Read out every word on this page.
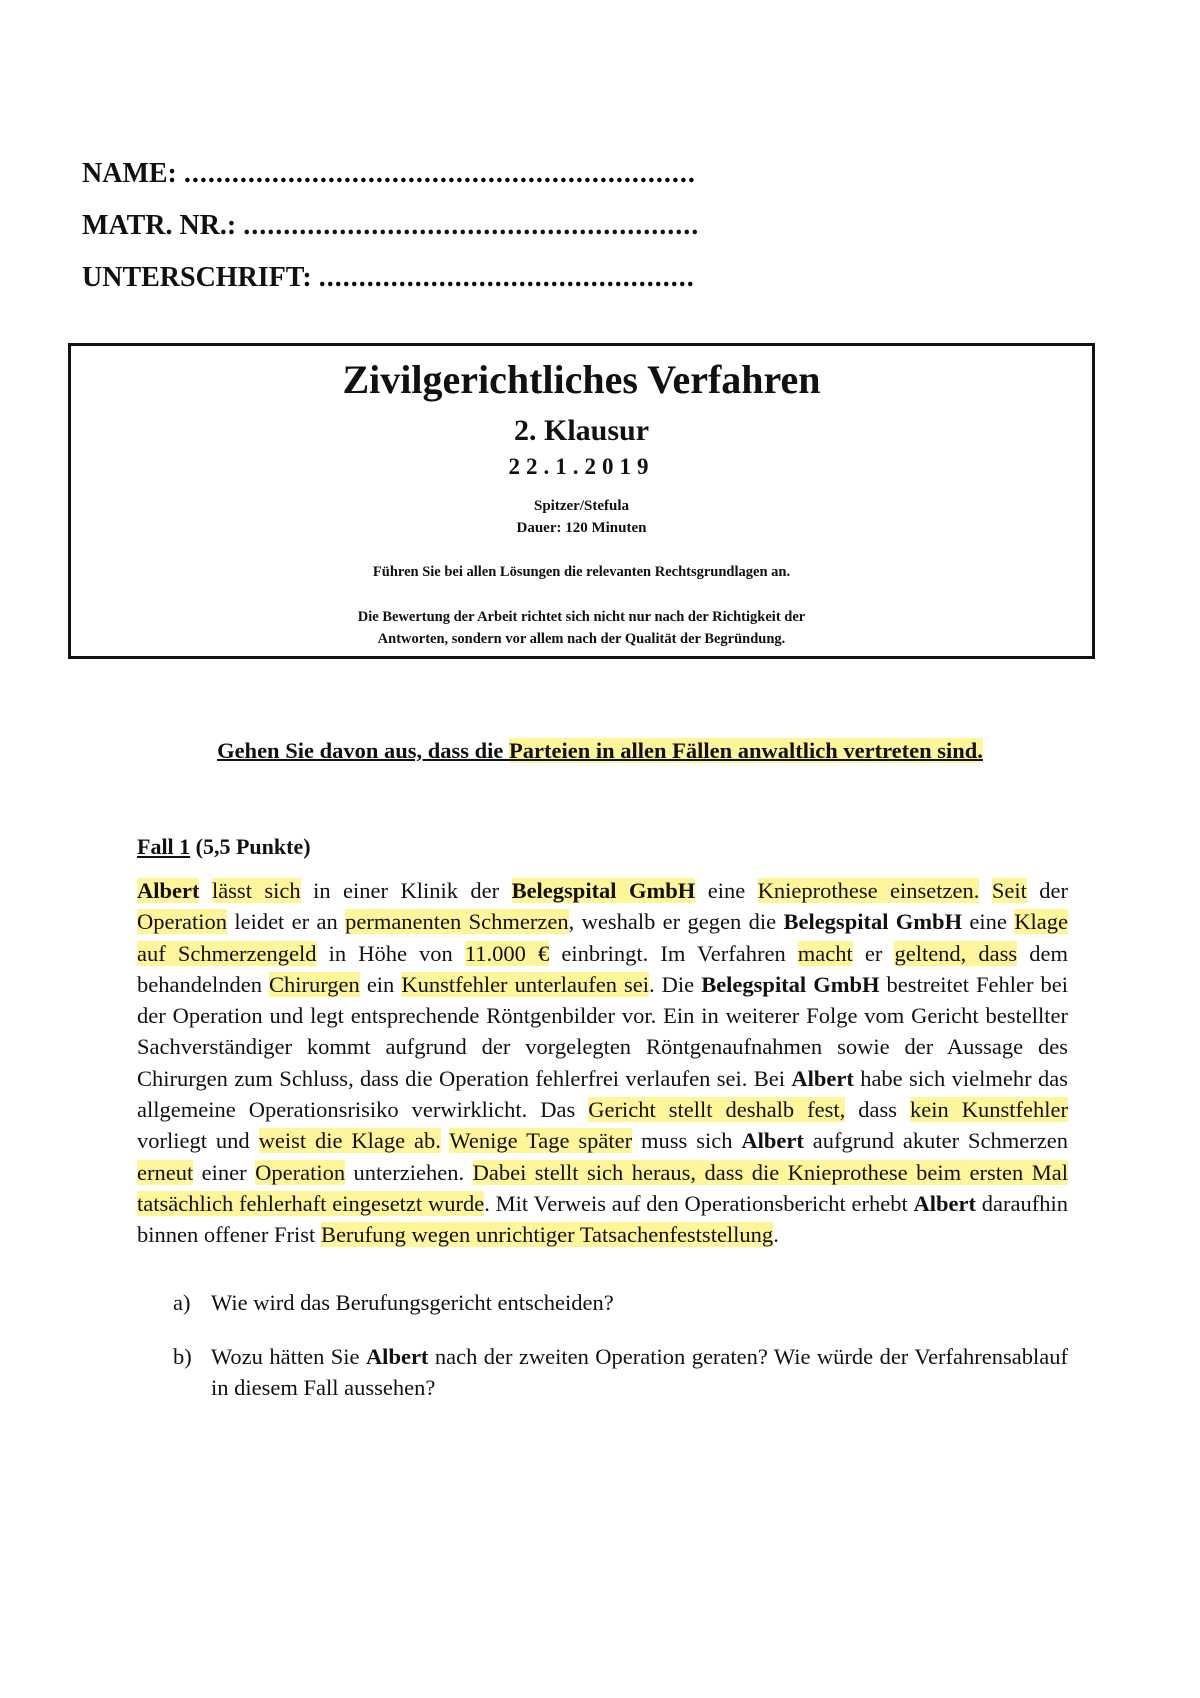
NAME: ................................................................
MATR. NR.: .........................................................
UNTERSCHRIFT: ...............................................
Zivilgerichtliches Verfahren
2. Klausur
22.1.2019
Spitzer/Stefula
Dauer: 120 Minuten
Führen Sie bei allen Lösungen die relevanten Rechtsgrundlagen an.
Die Bewertung der Arbeit richtet sich nicht nur nach der Richtigkeit der
Antworten, sondern vor allem nach der Qualität der Begründung.
Gehen Sie davon aus, dass die Parteien in allen Fällen anwaltlich vertreten sind.
Fall 1 (5,5 Punkte)

Albert lässt sich in einer Klinik der Belegspital GmbH eine Knieprothese einsetzen. Seit der Operation leidet er an permanenten Schmerzen, weshalb er gegen die Belegspital GmbH eine Klage auf Schmerzengeld in Höhe von 11.000 € einbringt. Im Verfahren macht er geltend, dass dem behandelnden Chirurgen ein Kunstfehler unterlaufen sei. Die Belegspital GmbH bestreitet Fehler bei der Operation und legt entsprechende Röntgenbilder vor. Ein in weiterer Folge vom Gericht bestellter Sachverständiger kommt aufgrund der vorgelegten Röntgenaufnahmen sowie der Aussage des Chirurgen zum Schluss, dass die Operation fehlerfrei verlaufen sei. Bei Albert habe sich vielmehr das allgemeine Operationsrisiko verwirklicht. Das Gericht stellt deshalb fest, dass kein Kunstfehler vorliegt und weist die Klage ab. Wenige Tage später muss sich Albert aufgrund akuter Schmerzen erneut einer Operation unterziehen. Dabei stellt sich heraus, dass die Knieprothese beim ersten Mal tatsächlich fehlerhaft eingesetzt wurde. Mit Verweis auf den Operationsbericht erhebt Albert daraufhin binnen offener Frist Berufung wegen unrichtiger Tatsachenfeststellung.

a) Wie wird das Berufungsgericht entscheiden?
b) Wozu hätten Sie Albert nach der zweiten Operation geraten? Wie würde der Verfahrensablauf in diesem Fall aussehen?
